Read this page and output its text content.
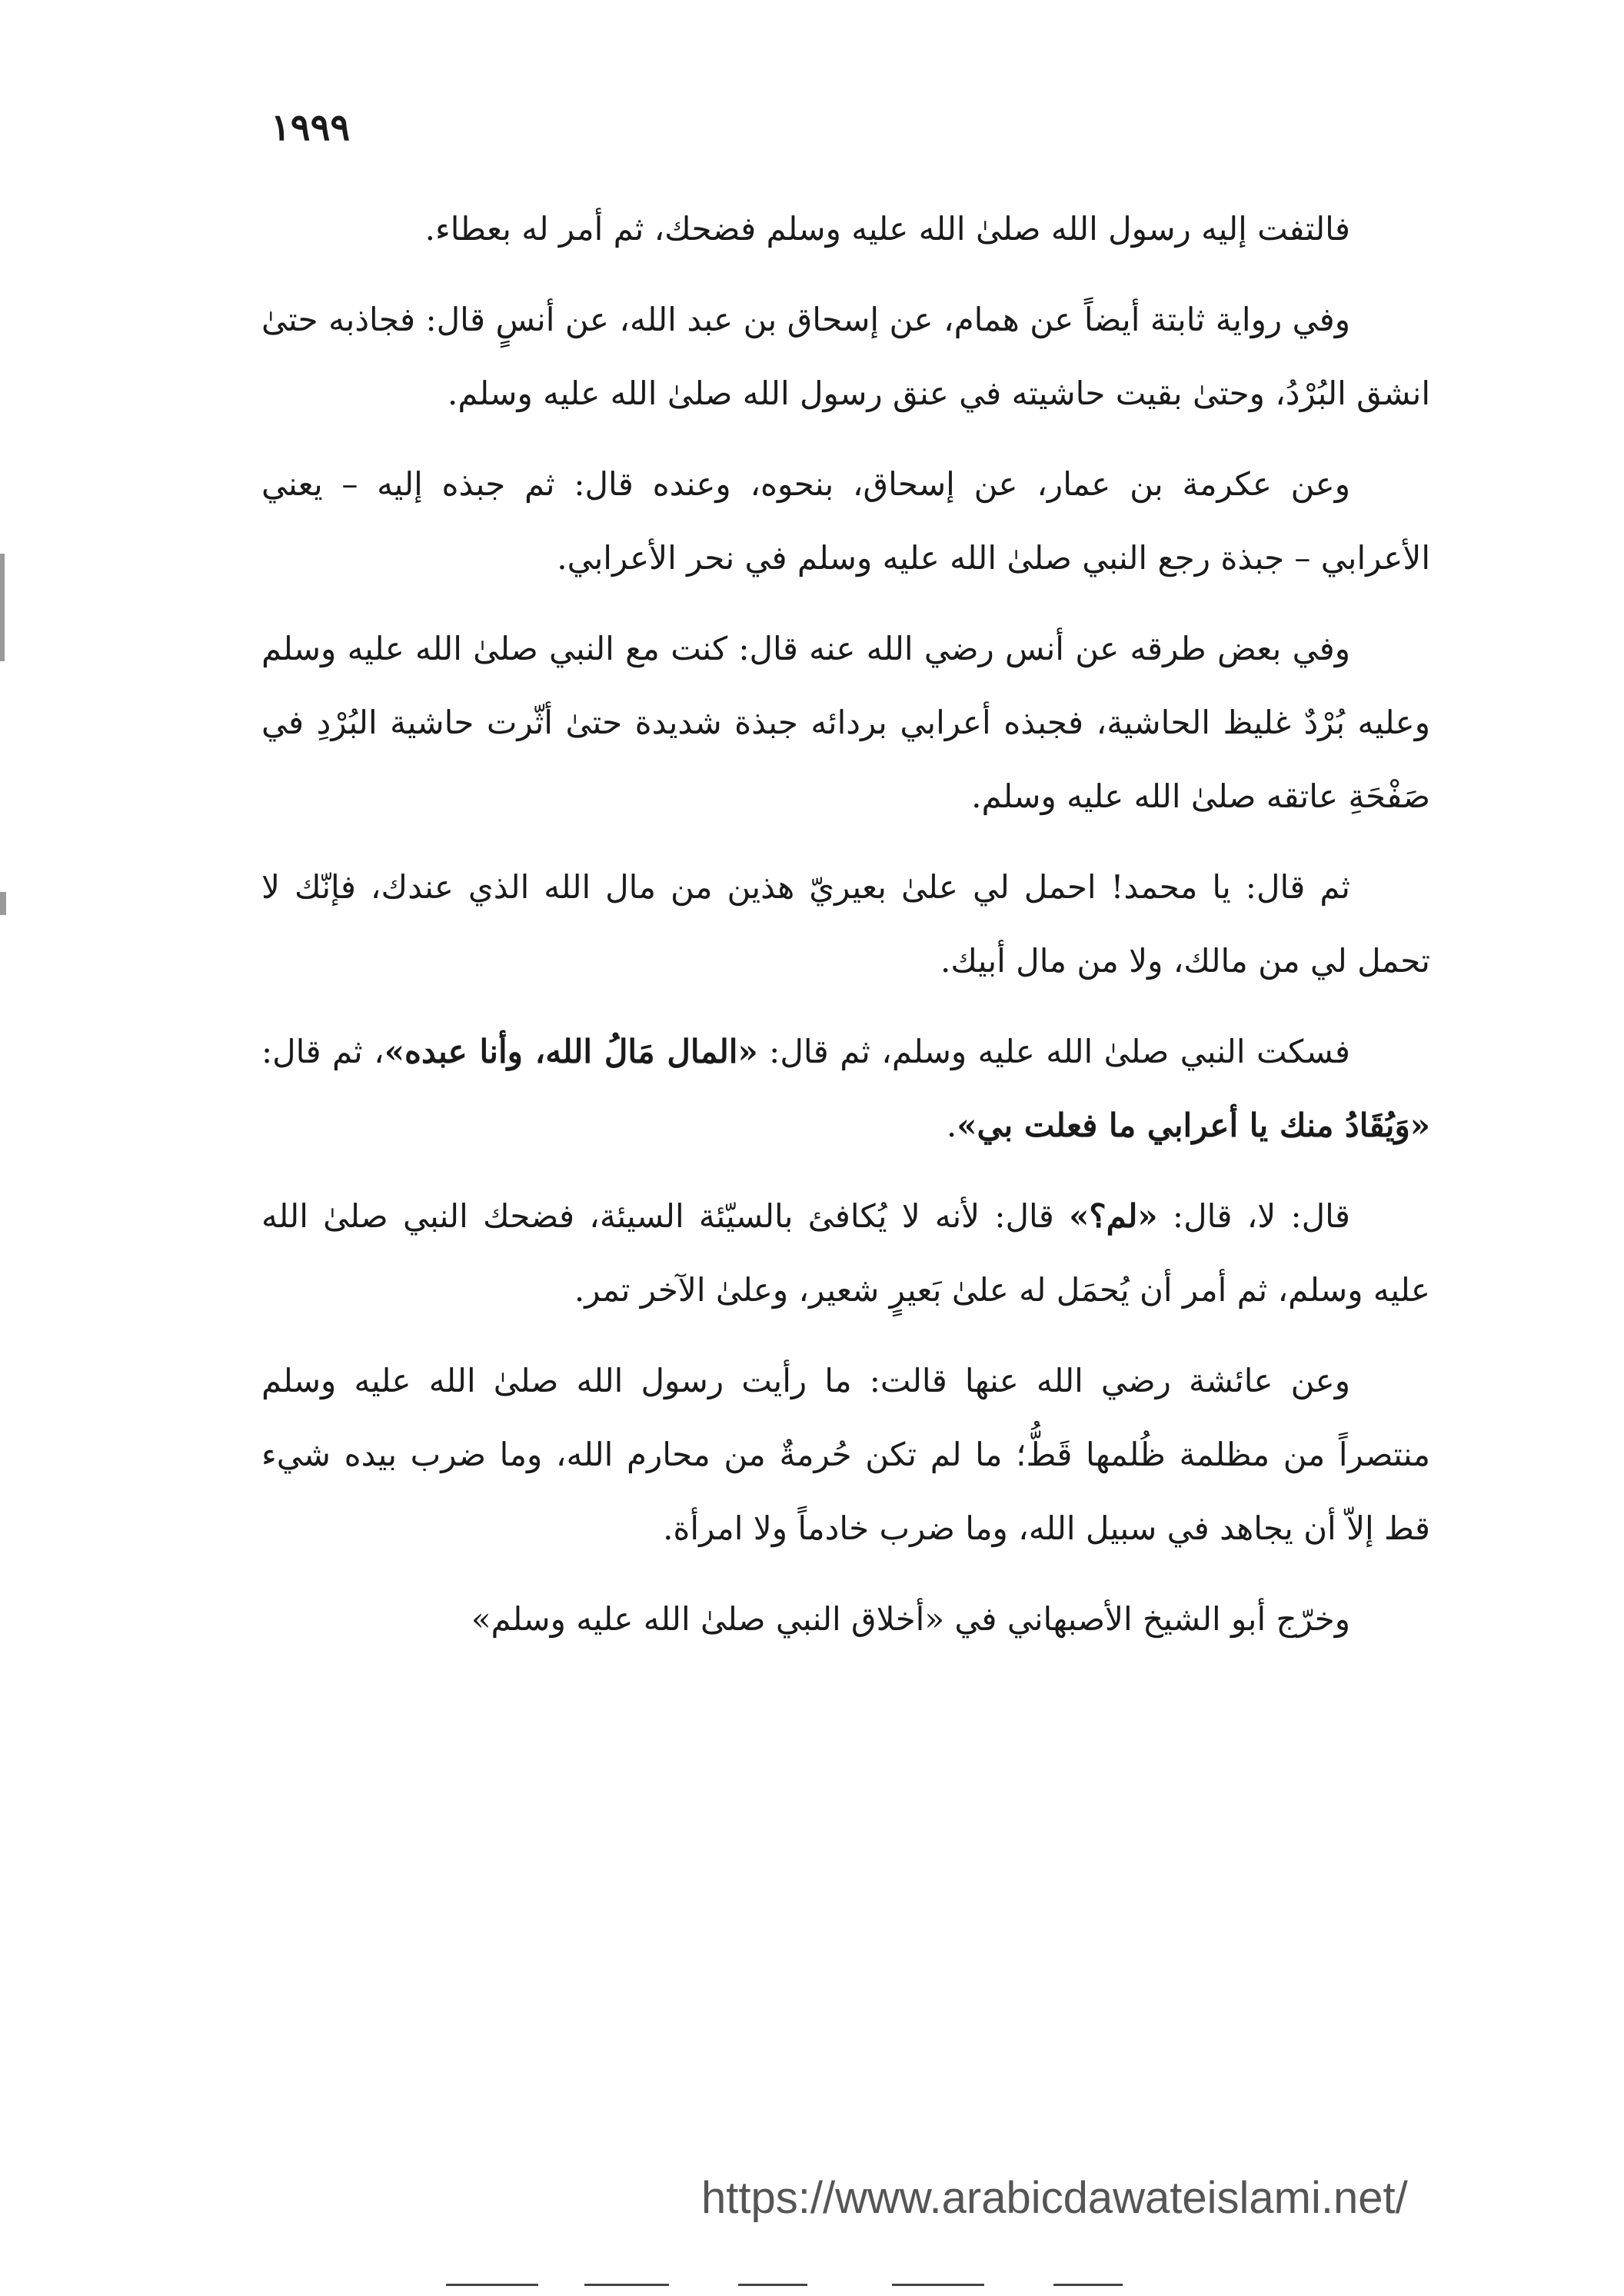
١٩٩٩

فالتفت إليه رسول الله صلىٰ الله عليه وسلم فضحك، ثم أمر له بعطاء.

وفي رواية ثابتة أيضاً عن همام، عن إسحاق بن عبد الله، عن أنسٍ قال: فجاذبه حتىٰ انشق البُرْدُ، وحتىٰ بقيت حاشيته في عنق رسول الله صلىٰ الله عليه وسلم.

وعن عكرمة بن عمار، عن إسحاق، بنحوه، وعنده قال: ثم جبذه إليه – يعني الأعرابي – جبذة رجع النبي صلىٰ الله عليه وسلم في نحر الأعرابي.

وفي بعض طرقه عن أنس رضي الله عنه قال: كنت مع النبي صلىٰ الله عليه وسلم وعليه بُرْدٌ غليظ الحاشية، فجبذه أعرابي بردائه جبذة شديدة حتىٰ أثّرت حاشية البُرْدِ في صَفْحَةِ عاتقه صلىٰ الله عليه وسلم.

ثم قال: يا محمد! احمل لي علىٰ بعيريّ هذين من مال الله الذي عندك، فإنّك لا تحمل لي من مالك، ولا من مال أبيك.

فسكت النبي صلىٰ الله عليه وسلم، ثم قال: «المال مَالُ الله، وأنا عبده»، ثم قال: «وَيُقَادُ منك يا أعرابي ما فعلت بي».

قال: لا، قال: «لم؟» قال: لأنه لا يُكافئ بالسيّئة السيئة، فضحك النبي صلىٰ الله عليه وسلم، ثم أمر أن يُحمَل له علىٰ بَعيرٍ شعير، وعلىٰ الآخر تمر.

وعن عائشة رضي الله عنها قالت: ما رأيت رسول الله صلىٰ الله عليه وسلم منتصراً من مظلمة ظُلمها قَطُّ؛ ما لم تكن حُرمةٌ من محارم الله، وما ضرب بيده شيء قط إلاّ أن يجاهد في سبيل الله، وما ضرب خادماً ولا امرأة.

وخرّج أبو الشيخ الأصبهاني في «أخلاق النبي صلىٰ الله عليه وسلم»

https://www.arabicdawateislami.net/
